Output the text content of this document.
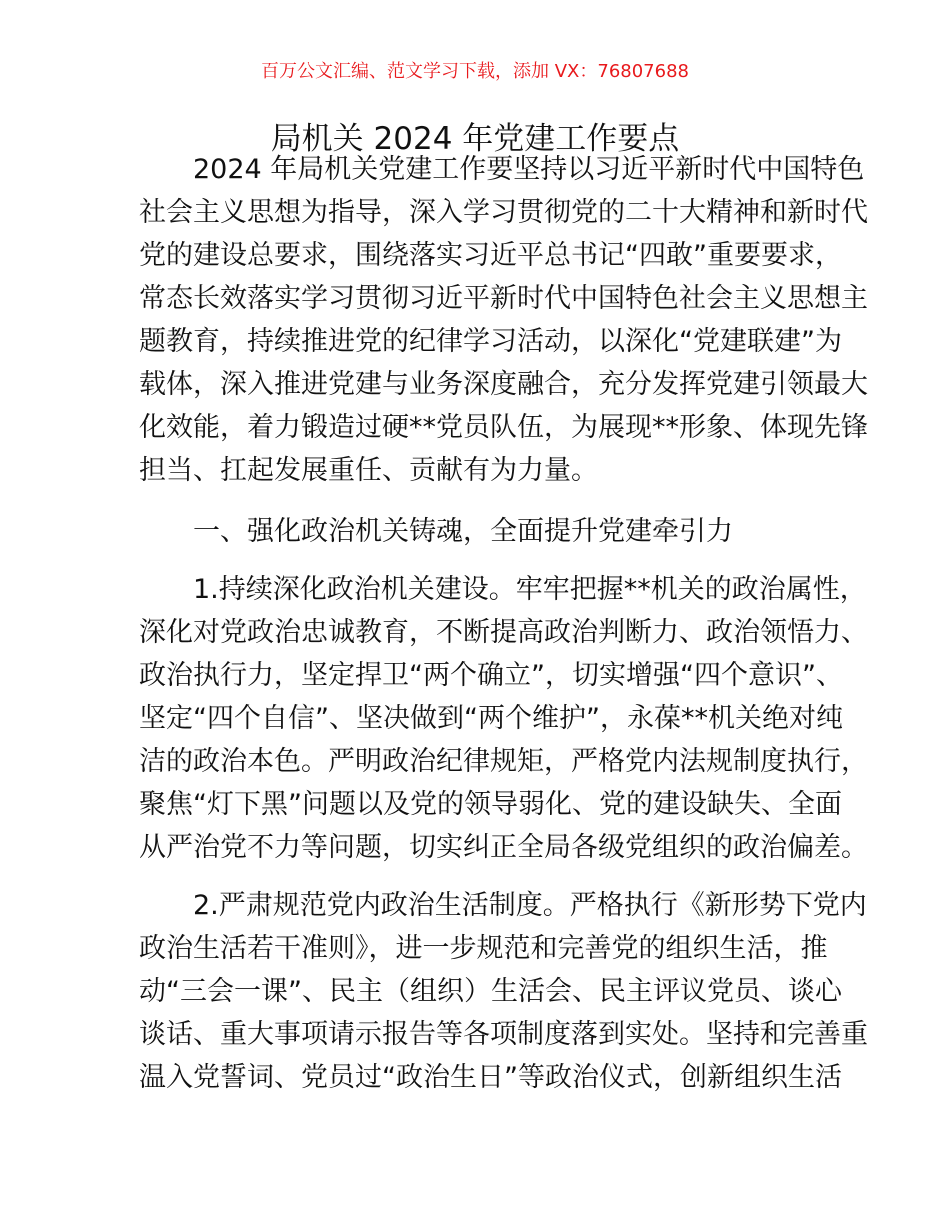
百万公文汇编、范文学习下载，添加 VX：76807688
局机关 2024 年党建工作要点
2024 年局机关党建工作要坚持以习近平新时代中国特色
社会主义思想为指导，深入学习贯彻党的二十大精神和新时代
党的建设总要求，围绕落实习近平总书记“四敢”重要要求，
常态长效落实学习贯彻习近平新时代中国特色社会主义思想主
题教育，持续推进党的纪律学习活动，以深化“党建联建”为
载体，深入推进党建与业务深度融合，充分发挥党建引领最大
化效能，着力锻造过硬**党员队伍，为展现**形象、体现先锋
担当、扛起发展重任、贡献有为力量。
一、强化政治机关铸魂，全面提升党建牵引力
1.持续深化政治机关建设。牢牢把握**机关的政治属性，
深化对党政治忠诚教育，不断提高政治判断力、政治领悟力、
政治执行力，坚定捍卫“两个确立”，切实增强“四个意识”、
坚定“四个自信”、坚决做到“两个维护”，永葆**机关绝对纯
洁的政治本色。严明政治纪律规矩，严格党内法规制度执行，
聚焦“灯下黑”问题以及党的领导弱化、党的建设缺失、全面
从严治党不力等问题，切实纠正全局各级党组织的政治偏差。
2.严肃规范党内政治生活制度。严格执行《新形势下党内
政治生活若干准则》，进一步规范和完善党的组织生活，推
动“三会一课”、民主（组织）生活会、民主评议党员、谈心
谈话、重大事项请示报告等各项制度落到实处。坚持和完善重
温入党誓词、党员过“政治生日”等政治仪式，创新组织生活
